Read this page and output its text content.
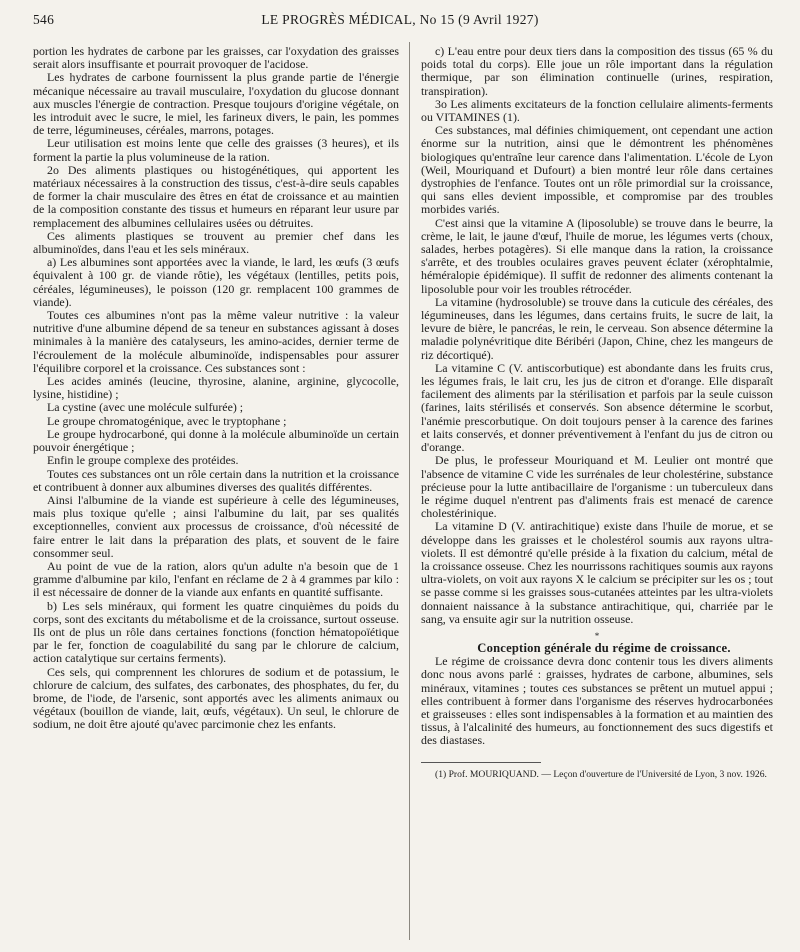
546	LE PROGRÈS MÉDICAL, No 15 (9 Avril 1927)

portion les hydrates de carbone par les graisses, car l'oxydation des graisses serait alors insuffisante et pourrait provoquer de l'acidose.

Les hydrates de carbone fournissent la plus grande partie de l'énergie mécanique nécessaire au travail musculaire, l'oxydation du glucose donnant aux muscles l'énergie de contraction. Presque toujours d'origine végétale, on les introduit avec le sucre, le miel, les farineux divers, le pain, les pommes de terre, légumineuses, céréales, marrons, potages.

Leur utilisation est moins lente que celle des graisses (3 heures), et ils forment la partie la plus volumineuse de la ration.

2o Des aliments plastiques ou histogénétiques, qui apportent les matériaux nécessaires à la construction des tissus, c'est-à-dire seuls capables de former la chair musculaire des êtres en état de croissance et au maintien de la composition constante des tissus et humeurs en réparant leur usure par remplacement des albumines cellulaires usées ou détruites.

Ces aliments plastiques se trouvent au premier chef dans les albuminoïdes, dans l'eau et les sels minéraux.

a) Les albumines sont apportées avec la viande, le lard, les œufs (3 œufs équivalent à 100 gr. de viande rôtie), les végétaux (lentilles, petits pois, céréales, légumineuses), le poisson (120 gr. remplacent 100 grammes de viande).

Toutes ces albumines n'ont pas la même valeur nutritive : la valeur nutritive d'une albumine dépend de sa teneur en substances agissant à doses minimales à la manière des catalyseurs, les amino-acides, dernier terme de l'écroulement de la molécule albuminoïde, indispensables pour assurer l'équilibre corporel et la croissance. Ces substances sont :

Les acides aminés (leucine, thyrosine, alanine, arginine, glycocolle, lysine, histidine) ;

La cystine (avec une molécule sulfurée) ;

Le groupe chromatogénique, avec le tryptophane ;

Le groupe hydrocarboné, qui donne à la molécule albuminoïde un certain pouvoir énergétique ;

Enfin le groupe complexe des protéides.

Toutes ces substances ont un rôle certain dans la nutrition et la croissance et contribuent à donner aux albumines diverses des qualités différentes.

Ainsi l'albumine de la viande est supérieure à celle des légumineuses, mais plus toxique qu'elle ; ainsi l'albumine du lait, par ses qualités exceptionnelles, convient aux processus de croissance, d'où nécessité de faire entrer le lait dans la préparation des plats, et souvent de le faire consommer seul.

Au point de vue de la ration, alors qu'un adulte n'a besoin que de 1 gramme d'albumine par kilo, l'enfant en réclame de 2 à 4 grammes par kilo : il est nécessaire de donner de la viande aux enfants en quantité suffisante.

b) Les sels minéraux, qui forment les quatre cinquièmes du poids du corps, sont des excitants du métabolisme et de la croissance, surtout osseuse. Ils ont de plus un rôle dans certaines fonctions (fonction hématopoïétique par le fer, fonction de coagulabilité du sang par le chlorure de calcium, action catalytique sur certains ferments).

Ces sels, qui comprennent les chlorures de sodium et de potassium, le chlorure de calcium, des sulfates, des carbonates, des phosphates, du fer, du brome, de l'iode, de l'arsenic, sont apportés avec les aliments animaux ou végétaux (bouillon de viande, lait, œufs, végétaux). Un seul, le chlorure de sodium, ne doit être ajouté qu'avec parcimonie chez les enfants.

c) L'eau entre pour deux tiers dans la composition des tissus (65 % du poids total du corps). Elle joue un rôle important dans la régulation thermique, par son élimination continuelle (urines, respiration, transpiration).

3o Les aliments excitateurs de la fonction cellulaire aliments-ferments ou VITAMINES (1).

Ces substances, mal définies chimiquement, ont cependant une action énorme sur la nutrition, ainsi que le démontrent les phénomènes biologiques qu'entraîne leur carence dans l'alimentation. L'école de Lyon (Weil, Mouriquand et Dufourt) a bien montré leur rôle dans certaines dystrophies de l'enfance. Toutes ont un rôle primordial sur la croissance, qui sans elles devient impossible, et compromise par des troubles morbides variés.

C'est ainsi que la vitamine A (liposoluble) se trouve dans le beurre, la crème, le lait, le jaune d'œuf, l'huile de morue, les légumes verts (choux, salades, herbes potagères). Si elle manque dans la ration, la croissance s'arrête, et des troubles oculaires graves peuvent éclater (xérophtalmie, héméralopie épidémique). Il suffit de redonner des aliments contenant la liposoluble pour voir les troubles rétrocéder.

La vitamine (hydrosoluble) se trouve dans la cuticule des céréales, des légumineuses, dans les légumes, dans certains fruits, le sucre de lait, la levure de bière, le pancréas, le rein, le cerveau. Son absence détermine la maladie polynévritique dite Béribéri (Japon, Chine, chez les mangeurs de riz décortiqué).

La vitamine C (V. antiscorbutique) est abondante dans les fruits crus, les légumes frais, le lait cru, les jus de citron et d'orange. Elle disparaît facilement des aliments par la stérilisation et parfois par la seule cuisson (farines, laits stérilisés et conservés. Son absence détermine le scorbut, l'anémie prescorbutique. On doit toujours penser à la carence des farines et laits conservés, et donner préventivement à l'enfant du jus de citron ou d'orange.

De plus, le professeur Mouriquand et M. Leulier ont montré que l'absence de vitamine C vide les surrénales de leur cholestérine, substance précieuse pour la lutte antibacillaire de l'organisme : un tuberculeux dans le régime duquel n'entrent pas d'aliments frais est menacé de carence cholestérinique.

La vitamine D (V. antirachitique) existe dans l'huile de morue, et se développe dans les graisses et le cholestérol soumis aux rayons ultra-violets. Il est démontré qu'elle préside à la fixation du calcium, métal de la croissance osseuse. Chez les nourrissons rachitiques soumis aux rayons ultra-violets, on voit aux rayons X le calcium se précipiter sur les os ; tout se passe comme si les graisses sous-cutanées atteintes par les ultra-violets donnaient naissance à la substance antirachitique, qui, charriée par le sang, va ensuite agir sur la nutrition osseuse.

*

Conception générale du régime de croissance.

Le régime de croissance devra donc contenir tous les divers aliments donc nous avons parlé : graisses, hydrates de carbone, albumines, sels minéraux, vitamines ; toutes ces substances se prêtent un mutuel appui ; elles contribuent à former dans l'organisme des réserves hydrocarbonées et graisseuses : elles sont indispensables à la formation et au maintien des tissus, à l'alcalinité des humeurs, au fonctionnement des sucs digestifs et des diastases.

(1) Prof. MOURIQUAND. — Leçon d'ouverture de l'Université de Lyon, 3 nov. 1926.
